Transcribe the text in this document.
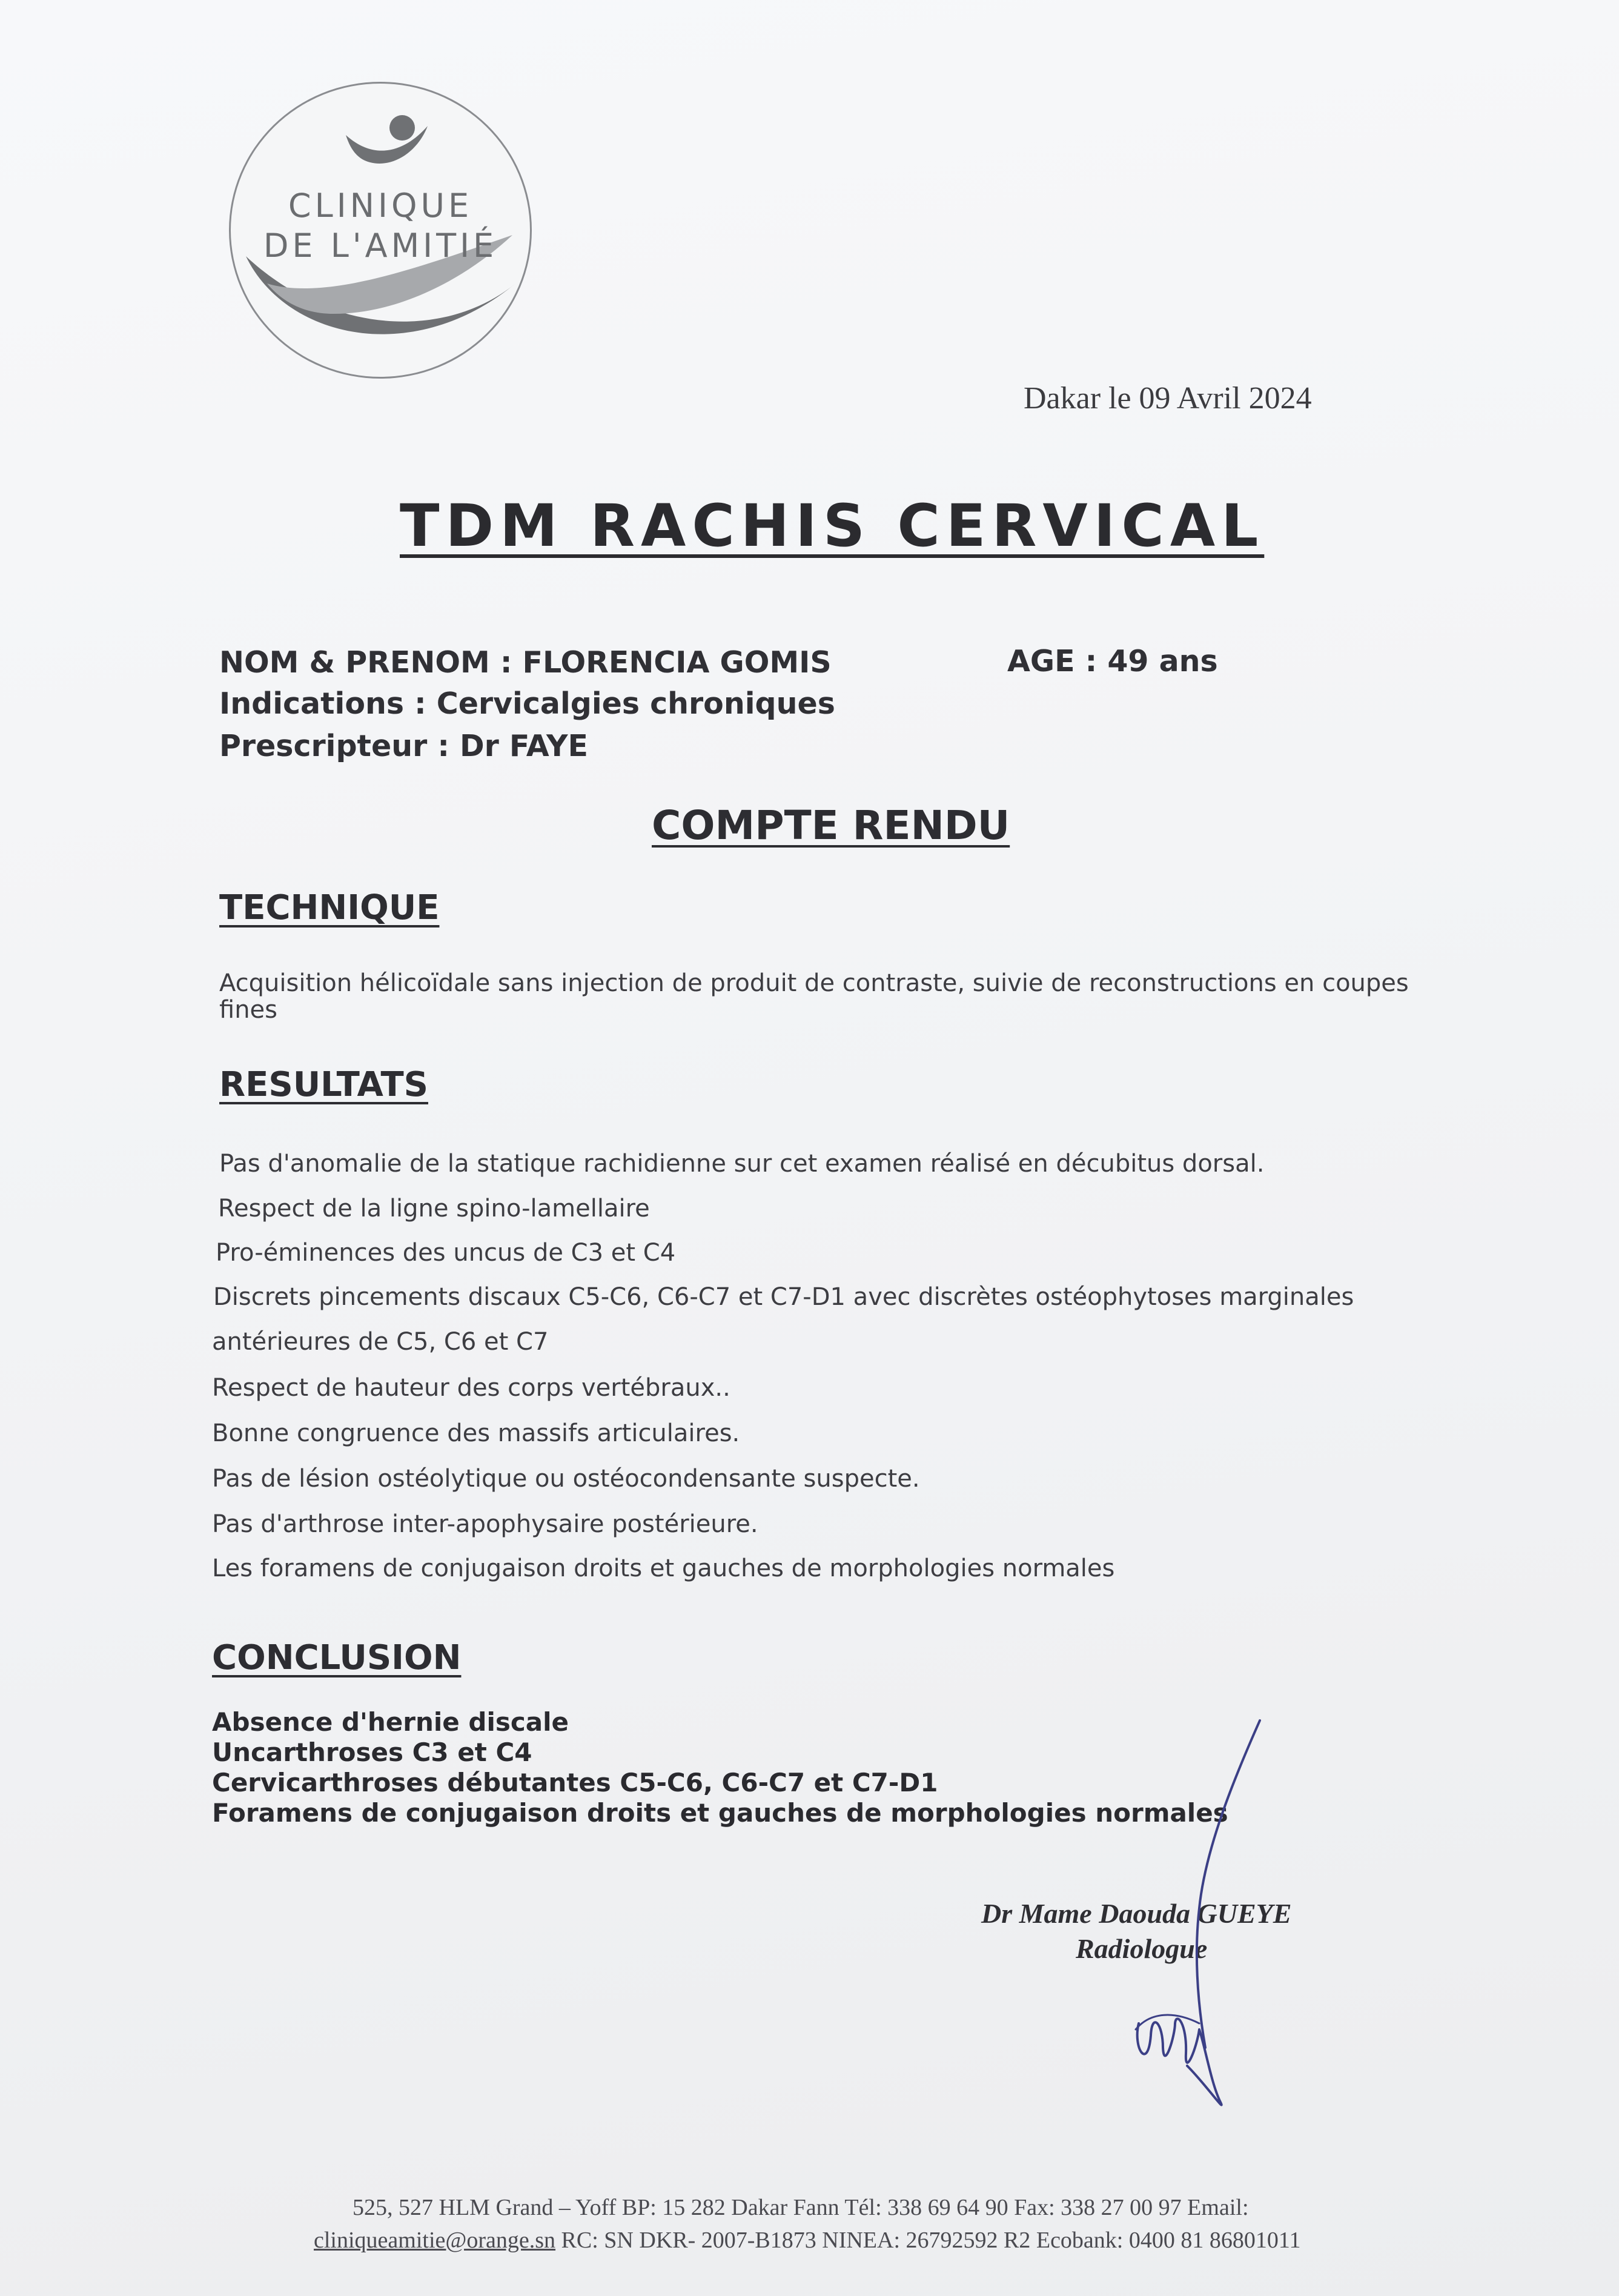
CLINIQUE
DE L'AMITIÉ
Dakar le 09 Avril 2024
TDM RACHIS CERVICAL
NOM & PRENOM : FLORENCIA GOMIS	AGE : 49 ans
Indications : Cervicalgies chroniques
Prescripteur : Dr FAYE
COMPTE RENDU
TECHNIQUE
Acquisition hélicoïdale sans injection de produit de contraste, suivie de reconstructions en coupes
fines
RESULTATS
Pas d'anomalie de la statique rachidienne sur cet examen réalisé en décubitus dorsal.
Respect de la ligne spino-lamellaire
Pro-éminences des uncus de C3 et C4
Discrets pincements discaux C5-C6, C6-C7 et C7-D1 avec discrètes ostéophytoses marginales
antérieures de C5, C6 et C7
Respect de hauteur des corps vertébraux..
Bonne congruence des massifs articulaires.
Pas de lésion ostéolytique ou ostéocondensante suspecte.
Pas d'arthrose inter-apophysaire postérieure.
Les foramens de conjugaison droits et gauches de morphologies normales
CONCLUSION
Absence d'hernie discale
Uncarthroses C3 et C4
Cervicarthroses débutantes C5-C6, C6-C7 et C7-D1
Foramens de conjugaison droits et gauches de morphologies normales
Dr Mame Daouda GUEYE
Radiologue
525, 527 HLM Grand – Yoff BP: 15 282 Dakar Fann Tél: 338 69 64 90 Fax: 338 27 00 97 Email:
cliniqueamitie@orange.sn RC: SN DKR- 2007-B1873 NINEA: 26792592 R2 Ecobank: 0400 81 86801011
